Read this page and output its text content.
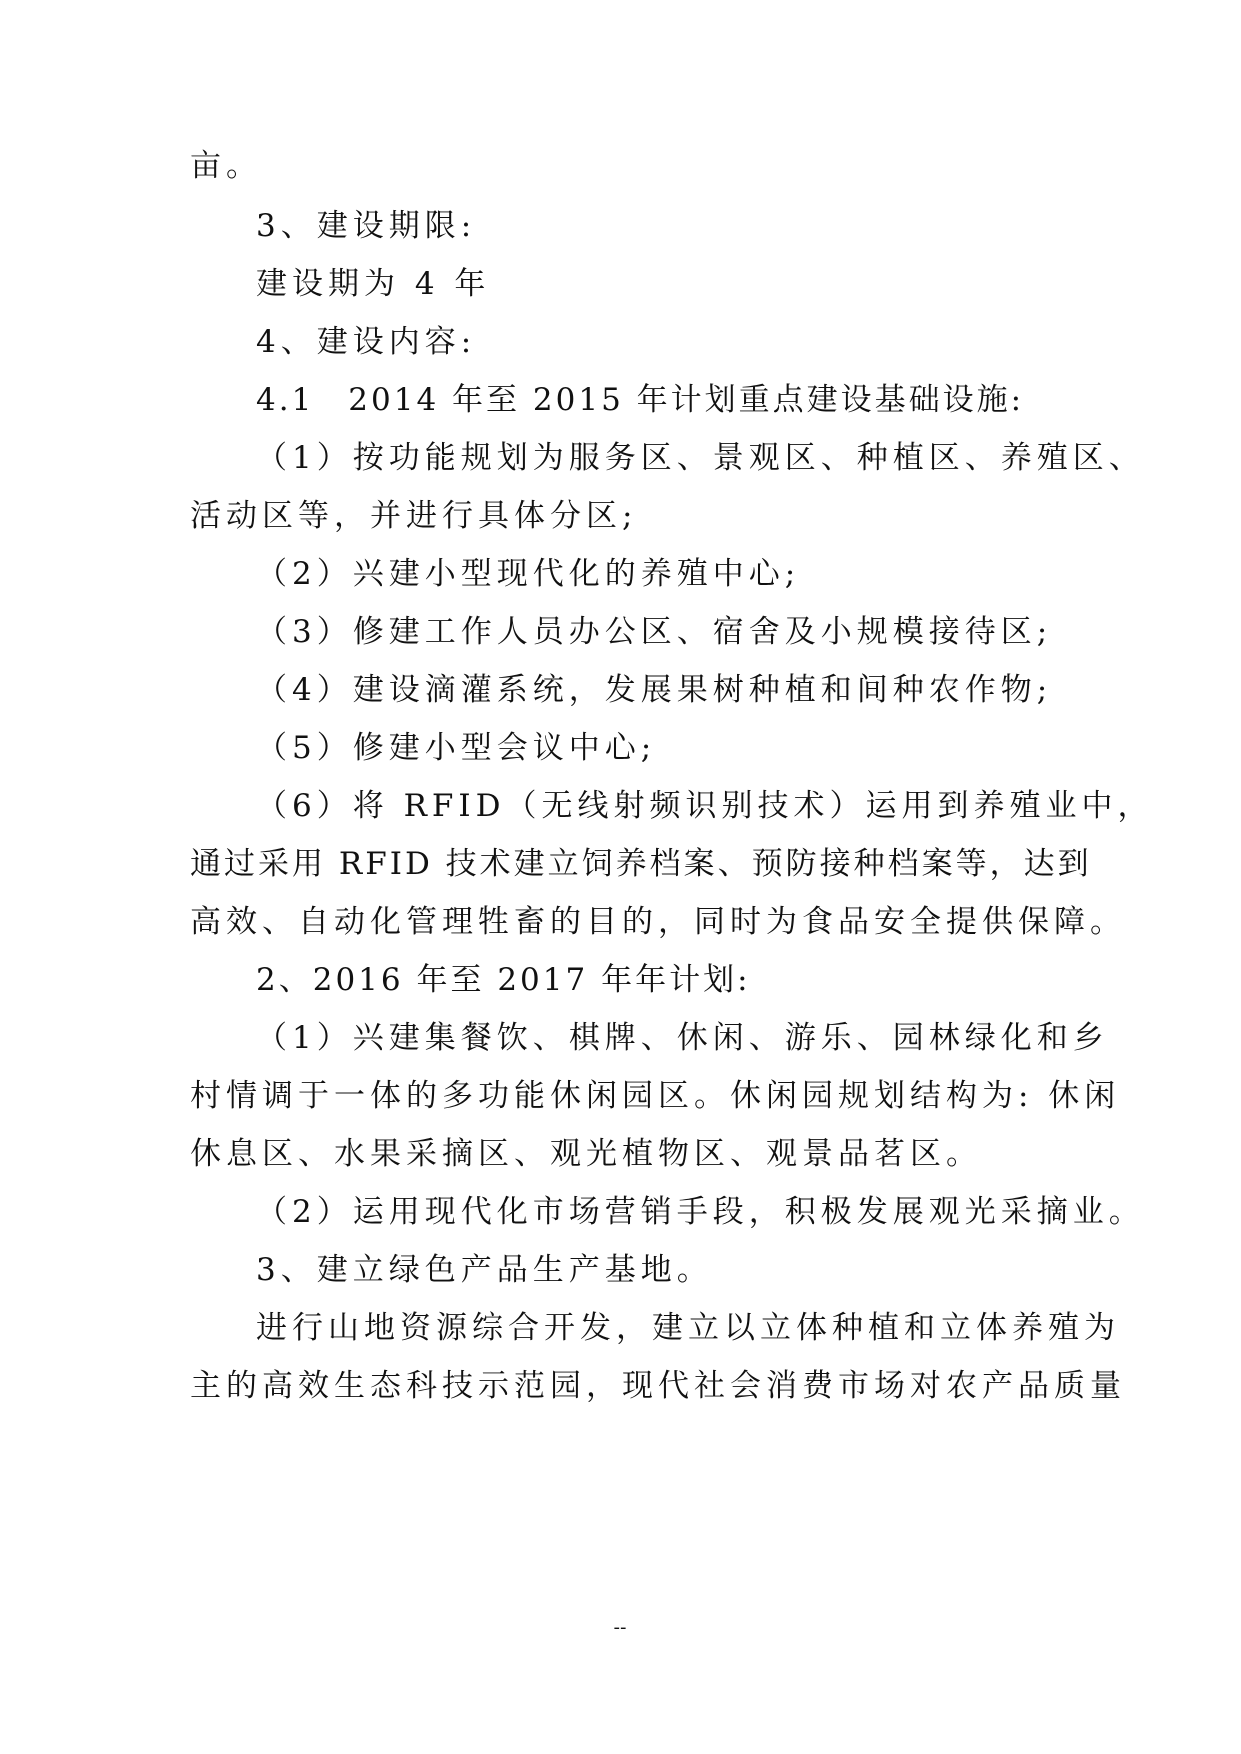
亩。
3、建设期限:
建设期为 4 年
4、建设内容:
4.1　2014 年至 2015 年计划重点建设基础设施:
（1）按功能规划为服务区、景观区、种植区、养殖区、
活动区等，并进行具体分区;
（2）兴建小型现代化的养殖中心;
（3）修建工作人员办公区、宿舍及小规模接待区;
（4）建设滴灌系统，发展果树种植和间种农作物;
（5）修建小型会议中心;
（6）将 RFID（无线射频识别技术）运用到养殖业中，
通过采用 RFID 技术建立饲养档案、预防接种档案等，达到
高效、自动化管理牲畜的目的，同时为食品安全提供保障。
2、2016 年至 2017 年年计划:
（1）兴建集餐饮、棋牌、休闲、游乐、园林绿化和乡
村情调于一体的多功能休闲园区。休闲园规划结构为: 休闲
休息区、水果采摘区、观光植物区、观景品茗区。
（2）运用现代化市场营销手段，积极发展观光采摘业。
3、建立绿色产品生产基地。
进行山地资源综合开发，建立以立体种植和立体养殖为
主的高效生态科技示范园，现代社会消费市场对农产品质量
--
